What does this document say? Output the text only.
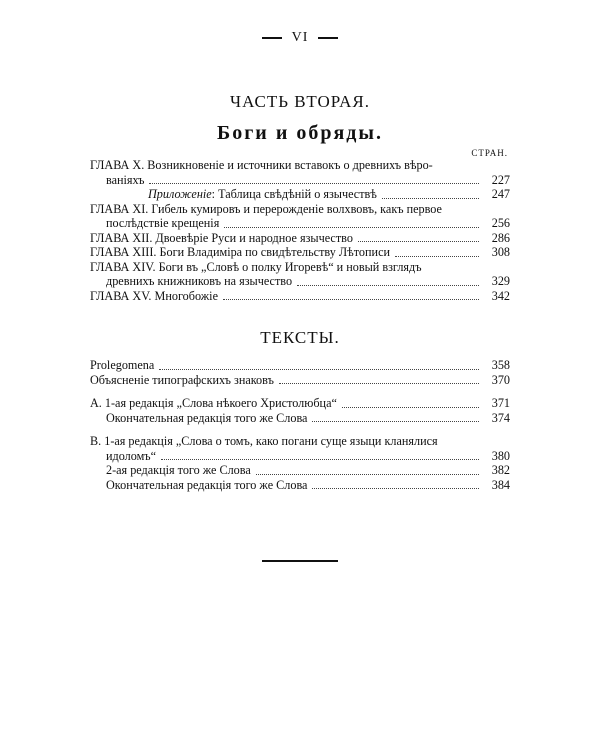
VI
ЧАСТЬ ВТОРАЯ.
Боги и обряды.
СТРАН.
ГЛАВА X. Возникновеніе и источники вставокъ о древнихъ вѣро-
ваніяхъ	227
Приложеніе: Таблица свѣдѣній о язычествѣ	247
ГЛАВА XI. Гибель кумировъ и перерожденіе волхвовъ, какъ первое
послѣдствіе крещенія	256
ГЛАВА XII. Двоевѣріе Руси и народное язычество	286
ГЛАВА XIII. Боги Владиміра по свидѣтельству Лѣтописи	308
ГЛАВА XIV. Боги въ „Словѣ о полку Игоревѣ“ и новый взглядъ
древнихъ книжниковъ на язычество	329
ГЛАВА XV. Многобожіе	342
ТЕКСТЫ.
Prolegomena	358
Объясненіе типографскихъ знаковъ	370
А. 1-ая редакція „Слова нѣкоего Христолюбца“	371
Окончательная редакція того же Слова	374
В. 1-ая редакція „Слова о томъ, како погани суще языци кланялися
идоломъ“	380
2-ая редакція того же Слова	382
Окончательная редакція того же Слова	384
